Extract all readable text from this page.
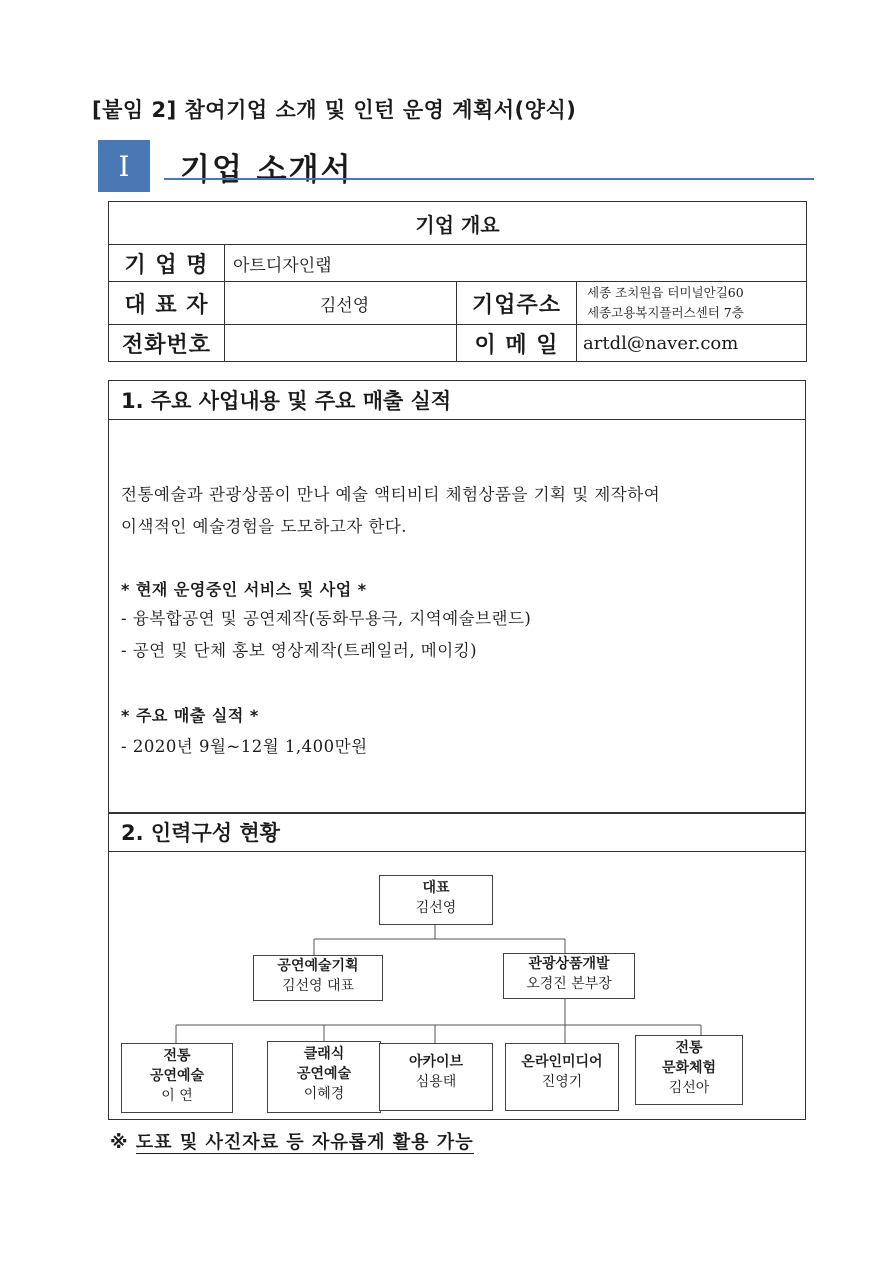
[붙임 2] 참여기업 소개 및 인턴 운영 계획서(양식)
Ⅰ	기업 소개서
기업 개요			
기 업 명	아트디자인랩		
대 표 자	김선영	기업주소	세종 조치원읍 터미널안길60
세종고용복지플러스센터 7층

전화번호		이 메 일	artdl@naver.com
1. 주요 사업내용 및 주요 매출 실적
전통예술과 관광상품이 만나 예술 액티비티 체험상품을 기획 및 제작하여
이색적인 예술경험을 도모하고자 한다.
* 현재 운영중인 서비스 및 사업 *
- 융복합공연 및 공연제작(동화무용극, 지역예술브랜드)
- 공연 및 단체 홍보 영상제작(트레일러, 메이킹)
* 주요 매출 실적 *
- 2020년 9월~12월 1,400만원
2. 인력구성 현황
대표
김선영
공연예술기획
김선영 대표
관광상품개발
오경진 본부장
전통
공연예술
이 연
클래식
공연예술
이혜경
아카이브
심용태
온라인미디어
진영기
전통
문화체험
김선아
※ 도표 및 사진자료 등 자유롭게 활용 가능
